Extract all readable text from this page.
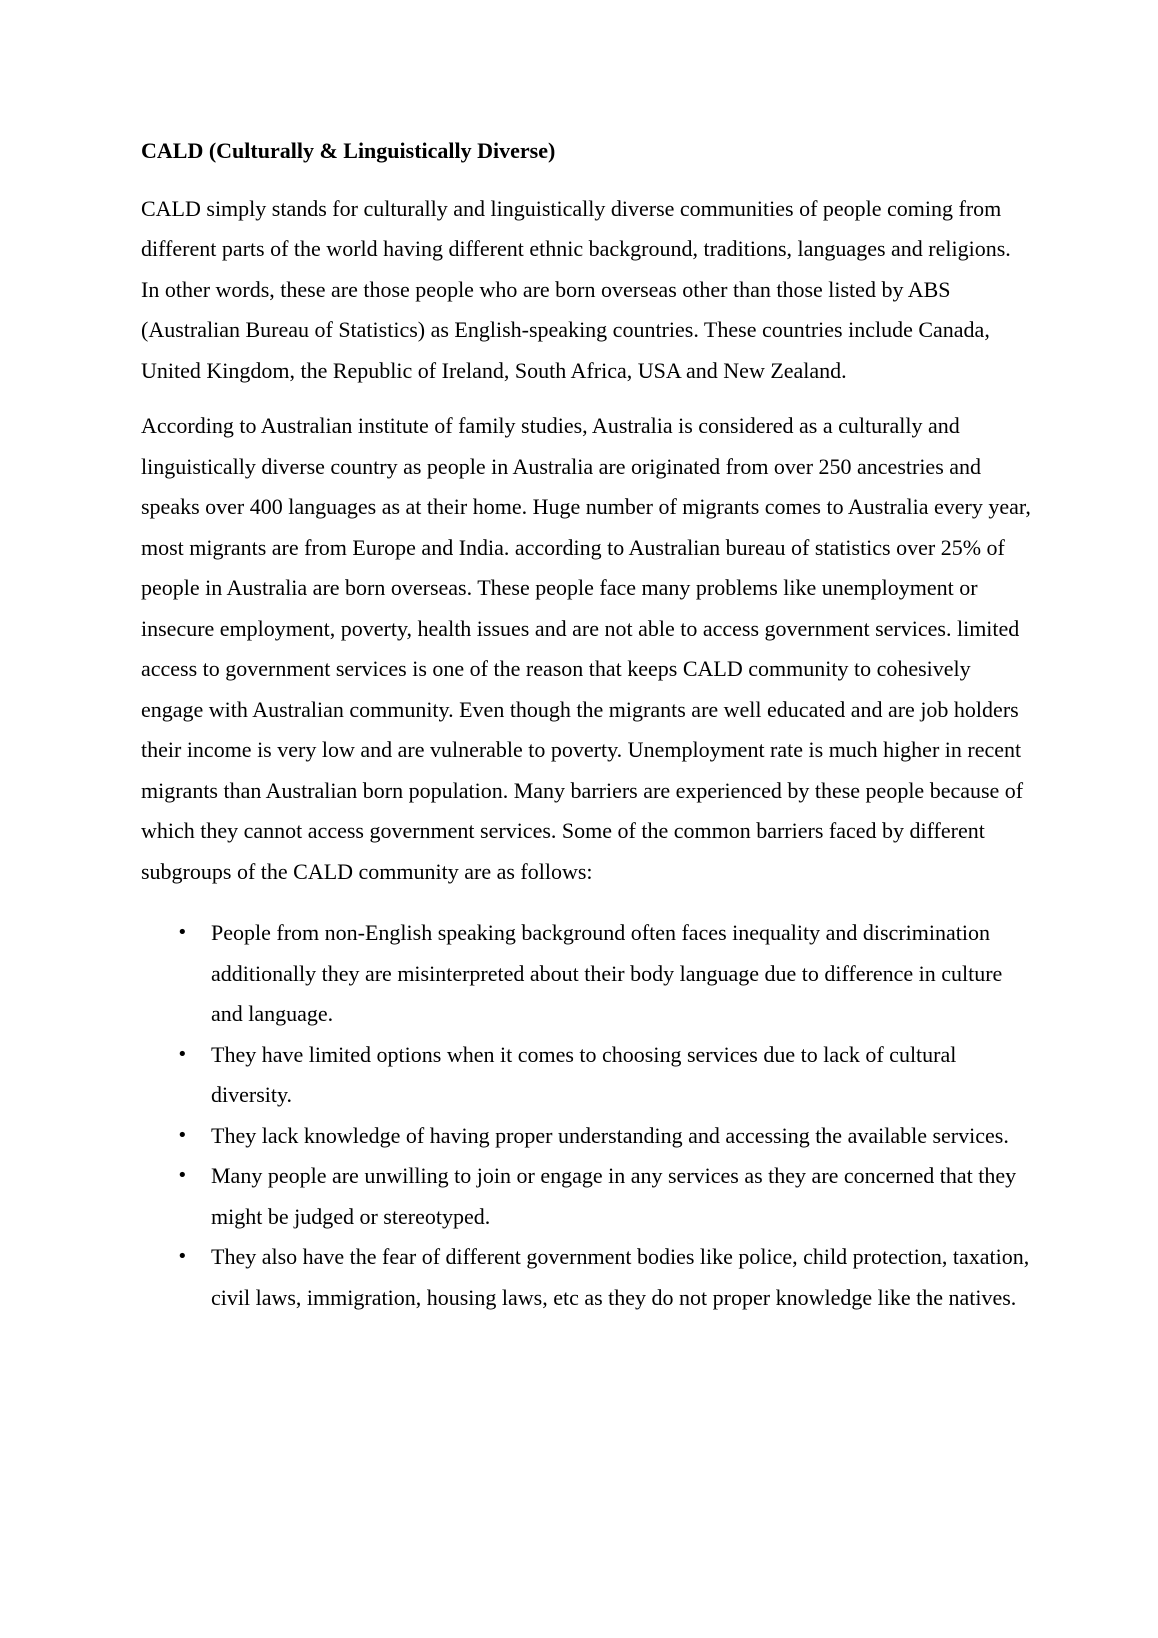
CALD (Culturally & Linguistically Diverse)

CALD simply stands for culturally and linguistically diverse communities of people coming from different parts of the world having different ethnic background, traditions, languages and religions. In other words, these are those people who are born overseas other than those listed by ABS (Australian Bureau of Statistics) as English-speaking countries. These countries include Canada, United Kingdom, the Republic of Ireland, South Africa, USA and New Zealand.

According to Australian institute of family studies, Australia is considered as a culturally and linguistically diverse country as people in Australia are originated from over 250 ancestries and speaks over 400 languages as at their home. Huge number of migrants comes to Australia every year, most migrants are from Europe and India. according to Australian bureau of statistics over 25% of people in Australia are born overseas. These people face many problems like unemployment or insecure employment, poverty, health issues and are not able to access government services. limited access to government services is one of the reason that keeps CALD community to cohesively engage with Australian community. Even though the migrants are well educated and are job holders their income is very low and are vulnerable to poverty. Unemployment rate is much higher in recent migrants than Australian born population. Many barriers are experienced by these people because of which they cannot access government services. Some of the common barriers faced by different subgroups of the CALD community are as follows:

• People from non-English speaking background often faces inequality and discrimination additionally they are misinterpreted about their body language due to difference in culture and language.
• They have limited options when it comes to choosing services due to lack of cultural diversity.
• They lack knowledge of having proper understanding and accessing the available services.
• Many people are unwilling to join or engage in any services as they are concerned that they might be judged or stereotyped.
• They also have the fear of different government bodies like police, child protection, taxation, civil laws, immigration, housing laws, etc as they do not proper knowledge like the natives.
